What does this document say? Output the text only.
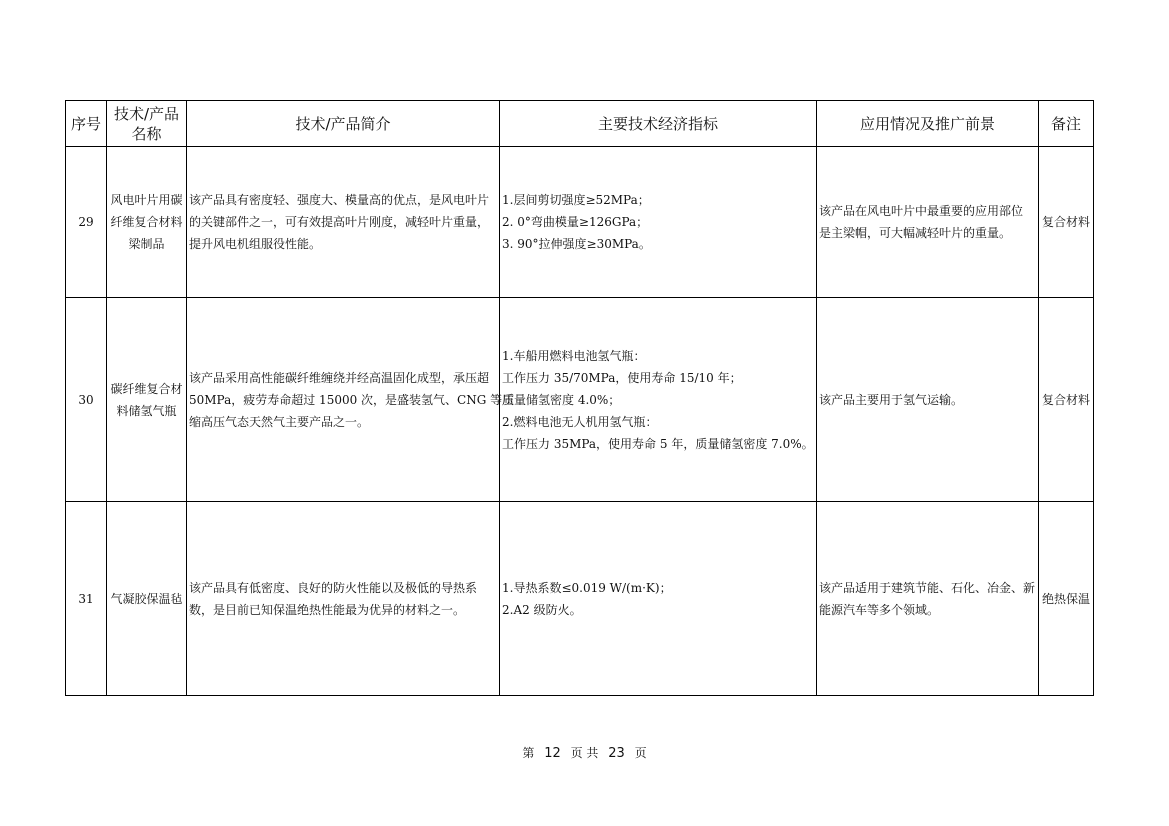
序号	技术/产品名称	技术/产品简介	主要技术经济指标	应用情况及推广前景	备注
29	风电叶片用碳
纤维复合材料
梁制品	该产品具有密度轻、强度大、模量高的优点，是风电叶片
的关键部件之一，可有效提高叶片刚度，减轻叶片重量，
提升风电机组服役性能。	1.层间剪切强度≥52MPa；
2. 0°弯曲模量≥126GPa；
3. 90°拉伸强度≥30MPa。	该产品在风电叶片中最重要的应用部位
是主梁帽，可大幅减轻叶片的重量。	复合材料
30	碳纤维复合材
料储氢气瓶	该产品采用高性能碳纤维缠绕并经高温固化成型，承压超
50MPa，疲劳寿命超过 15000 次，是盛装氢气、CNG 等压
缩高压气态天然气主要产品之一。	1.车船用燃料电池氢气瓶：
工作压力 35/70MPa，使用寿命 15/10 年；
质量储氢密度 4.0%；
2.燃料电池无人机用氢气瓶：
工作压力 35MPa，使用寿命 5 年，质量储氢密度 7.0%。	该产品主要用于氢气运输。	复合材料
31	气凝胶保温毡	该产品具有低密度、良好的防火性能以及极低的导热系
数，是目前已知保温绝热性能最为优异的材料之一。	1.导热系数≤0.019 W/(m·K)；
2.A2 级防火。	该产品适用于建筑节能、石化、冶金、新
能源汽车等多个领域。	绝热保温
第 12 页 共 23 页
